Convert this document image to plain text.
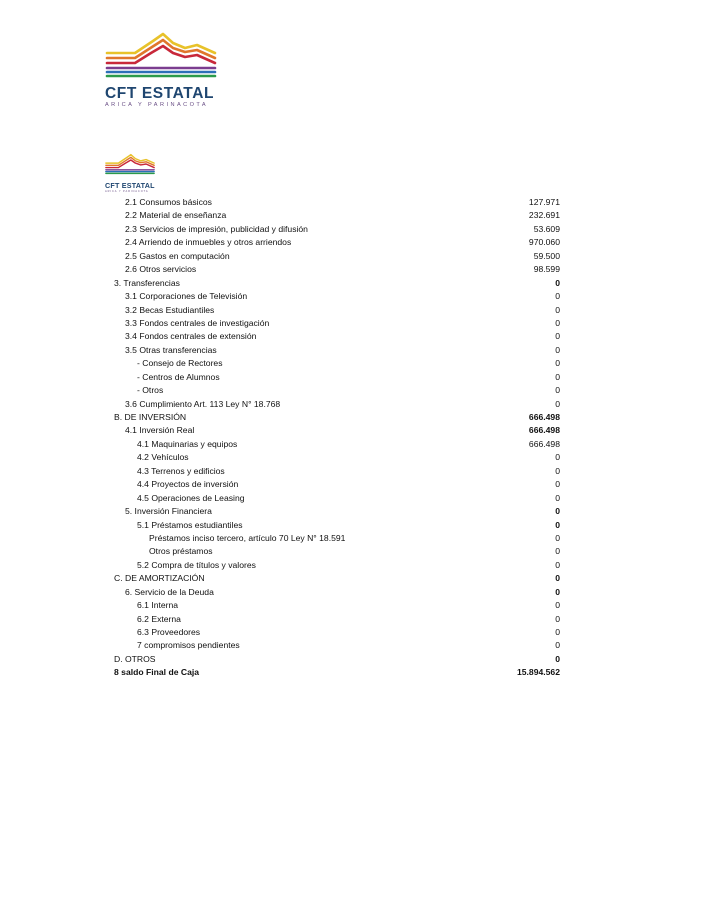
CFT ESTATAL
ARICA Y PARINACOTA
CFT ESTATAL
ARICA Y PARINACOTA
2.1 Consumos básicos	127.971
2.2 Material de enseñanza	232.691
2.3 Servicios de impresión, publicidad y difusión	53.609
2.4 Arriendo de inmuebles y otros arriendos	970.060
2.5 Gastos en computación	59.500
2.6 Otros servicios	98.599
3. Transferencias	0
3.1 Corporaciones de Televisión	0
3.2 Becas Estudiantiles	0
3.3 Fondos centrales de investigación	0
3.4 Fondos centrales de extensión	0
3.5 Otras transferencias	0
- Consejo de Rectores	0
- Centros de Alumnos	0
- Otros	0
3.6 Cumplimiento Art. 113 Ley N° 18.768	0
B. DE INVERSIÓN	666.498
4.1 Inversión Real	666.498
4.1 Maquinarias y equipos	666.498
4.2 Vehículos	0
4.3 Terrenos y edificios	0
4.4 Proyectos de inversión	0
4.5 Operaciones de Leasing	0
5. Inversión Financiera	0
5.1 Préstamos estudiantiles	0
Préstamos inciso tercero, artículo 70 Ley N° 18.591	0
Otros préstamos	0
5.2 Compra de títulos y valores	0
C. DE AMORTIZACIÓN	0
6. Servicio de la Deuda	0
6.1 Interna	0
6.2 Externa	0
6.3 Proveedores	0
7 compromisos pendientes	0
D. OTROS	0
8 saldo Final de Caja	15.894.562
